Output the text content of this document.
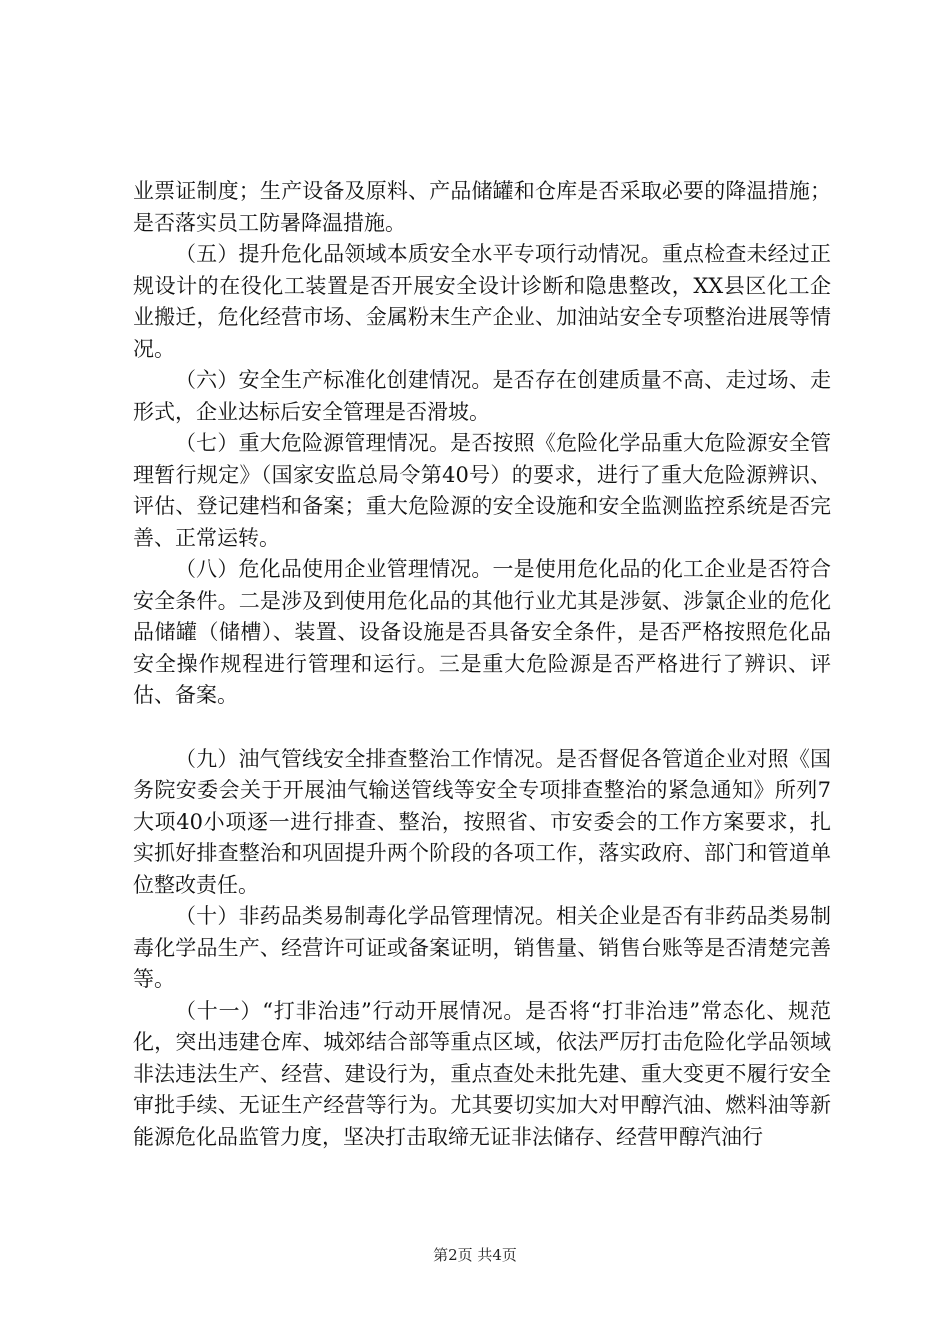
业票证制度；生产设备及原料、产品储罐和仓库是否采取必要的降温措施；是否落实员工防暑降温措施。

（五）提升危化品领域本质安全水平专项行动情况。重点检查未经过正规设计的在役化工装置是否开展安全设计诊断和隐患整改，XX县区化工企业搬迁，危化经营市场、金属粉末生产企业、加油站安全专项整治进展等情况。

（六）安全生产标准化创建情况。是否存在创建质量不高、走过场、走形式，企业达标后安全管理是否滑坡。

（七）重大危险源管理情况。是否按照《危险化学品重大危险源安全管理暂行规定》（国家安监总局令第40号）的要求，进行了重大危险源辨识、评估、登记建档和备案；重大危险源的安全设施和安全监测监控系统是否完善、正常运转。

（八）危化品使用企业管理情况。一是使用危化品的化工企业是否符合安全条件。二是涉及到使用危化品的其他行业尤其是涉氨、涉氯企业的危化品储罐（储槽）、装置、设备设施是否具备安全条件，是否严格按照危化品安全操作规程进行管理和运行。三是重大危险源是否严格进行了辨识、评估、备案。

（九）油气管线安全排查整治工作情况。是否督促各管道企业对照《国务院安委会关于开展油气输送管线等安全专项排查整治的紧急通知》所列7大项40小项逐一进行排查、整治，按照省、市安委会的工作方案要求，扎实抓好排查整治和巩固提升两个阶段的各项工作，落实政府、部门和管道单位整改责任。

（十）非药品类易制毒化学品管理情况。相关企业是否有非药品类易制毒化学品生产、经营许可证或备案证明，销售量、销售台账等是否清楚完善等。

（十一）“打非治违”行动开展情况。是否将“打非治违”常态化、规范化，突出违建仓库、城郊结合部等重点区域，依法严厉打击危险化学品领域非法违法生产、经营、建设行为，重点查处未批先建、重大变更不履行安全审批手续、无证生产经营等行为。尤其要切实加大对甲醇汽油、燃料油等新能源危化品监管力度，坚决打击取缔无证非法储存、经营甲醇汽油行

第2页 共4页
